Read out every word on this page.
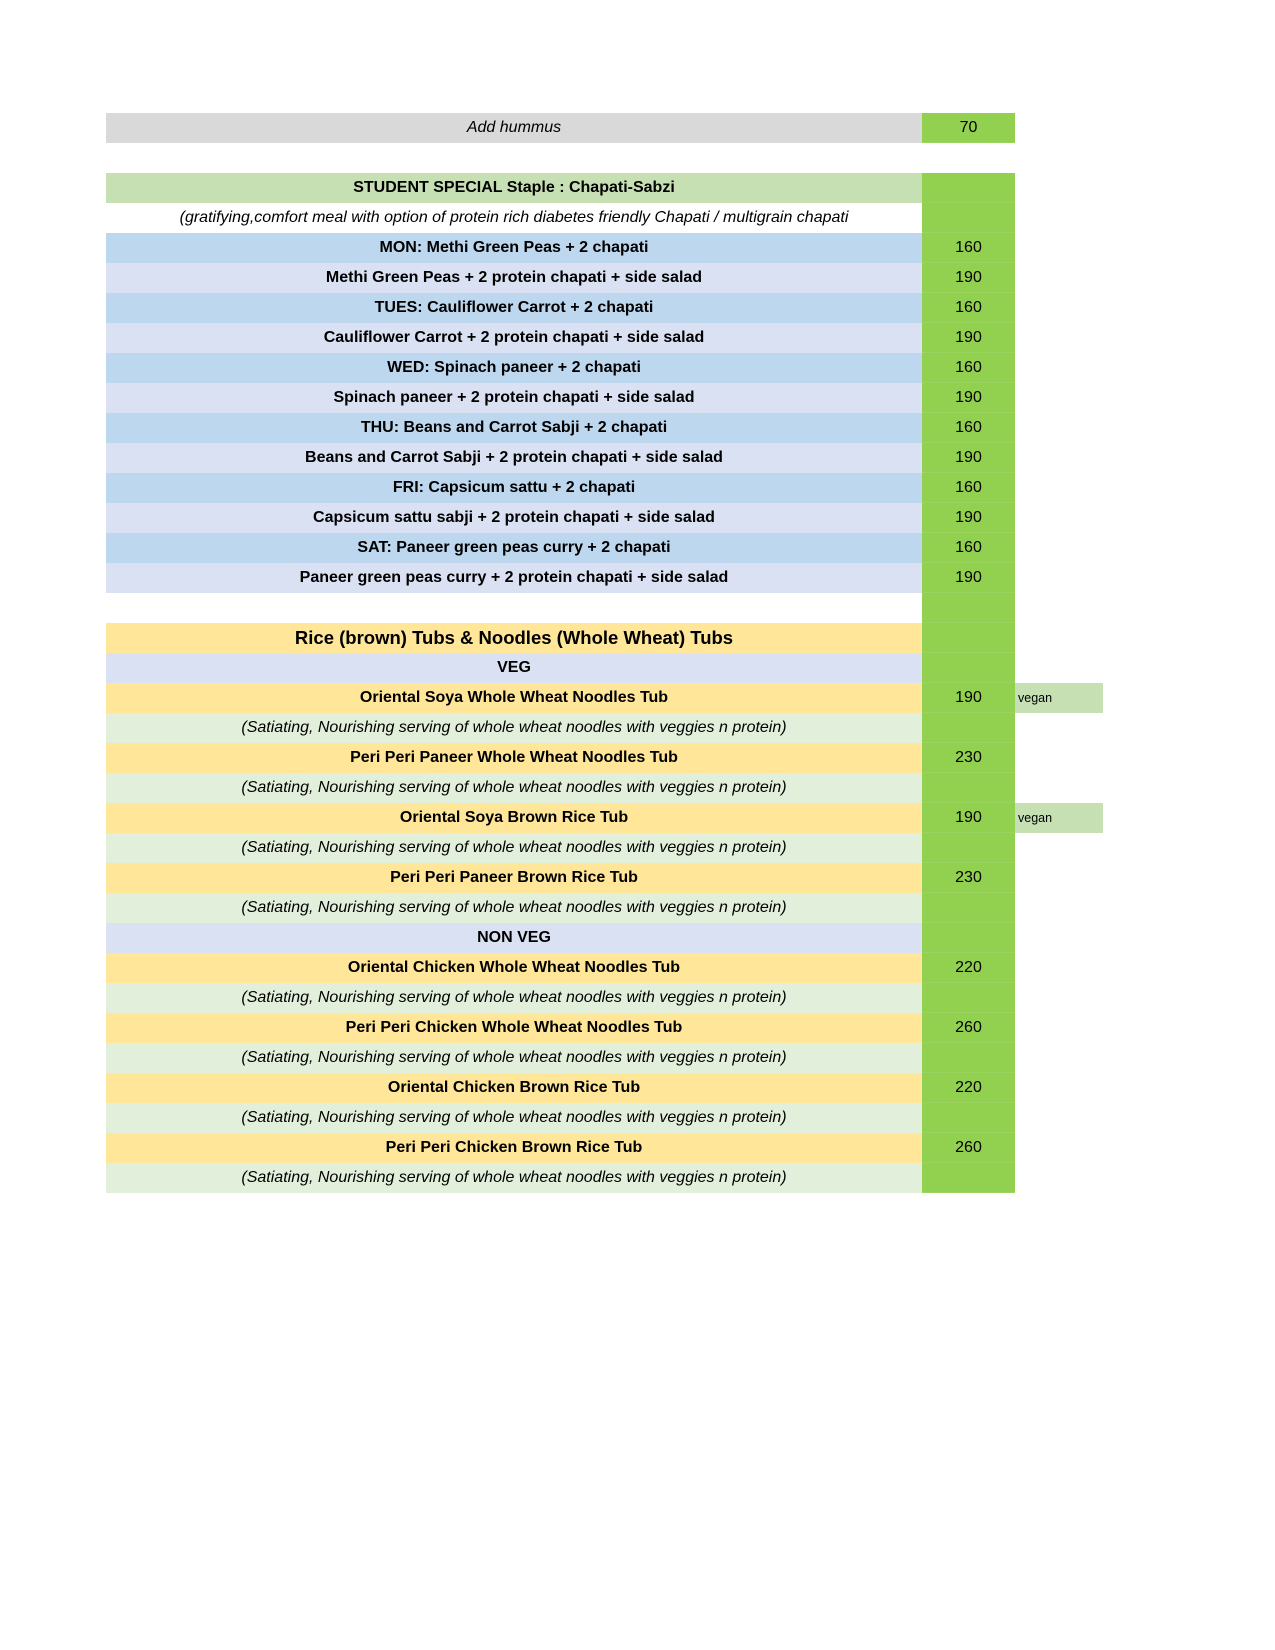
Add hummus	70
STUDENT SPECIAL Staple : Chapati-Sabzi
(gratifying,comfort meal with option of protein rich diabetes friendly Chapati / multigrain chapati
MON: Methi Green Peas + 2 chapati	160
Methi Green Peas + 2 protein chapati + side salad	190
TUES: Cauliflower Carrot + 2 chapati	160
Cauliflower Carrot + 2 protein chapati + side salad	190
WED: Spinach paneer + 2 chapati	160
Spinach paneer + 2 protein chapati + side salad	190
THU: Beans and Carrot Sabji + 2 chapati	160
Beans and Carrot Sabji + 2 protein chapati + side salad	190
FRI: Capsicum sattu + 2 chapati	160
Capsicum sattu sabji + 2 protein chapati + side salad	190
SAT: Paneer green peas curry + 2 chapati	160
Paneer green peas curry + 2 protein chapati + side salad	190
Rice (brown) Tubs & Noodles (Whole Wheat) Tubs
VEG
Oriental Soya Whole Wheat Noodles Tub	190	vegan
(Satiating, Nourishing serving of whole wheat noodles with veggies n protein)
Peri Peri Paneer Whole Wheat Noodles Tub	230
(Satiating, Nourishing serving of whole wheat noodles with veggies n protein)
Oriental Soya Brown Rice Tub	190	vegan
(Satiating, Nourishing serving of whole wheat noodles with veggies n protein)
Peri Peri Paneer Brown Rice Tub	230
(Satiating, Nourishing serving of whole wheat noodles with veggies n protein)
NON VEG
Oriental Chicken Whole Wheat Noodles Tub	220
(Satiating, Nourishing serving of whole wheat noodles with veggies n protein)
Peri Peri Chicken Whole Wheat Noodles Tub	260
(Satiating, Nourishing serving of whole wheat noodles with veggies n protein)
Oriental Chicken Brown Rice Tub	220
(Satiating, Nourishing serving of whole wheat noodles with veggies n protein)
Peri Peri Chicken Brown Rice Tub	260
(Satiating, Nourishing serving of whole wheat noodles with veggies n protein)
